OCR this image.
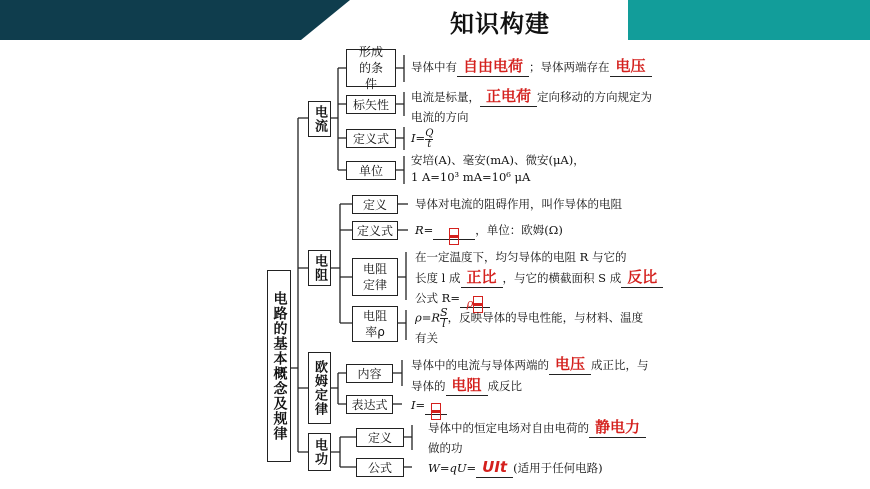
知识构建
电路的基本概念及规律
电流
电阻
欧姆定律
电功
形成的条件
标矢性
定义式
单位
导体中有 自由电荷 ；导体两端存在 电压
电流是标量， 正电荷 定向移动的方向规定为
电流的方向
$I= \frac{Q}{t}$
安培(A)、毫安(mA)、微安(μA)，
1 A=10³ mA=10⁶ μA
定义
定义式
电阻定律
电阻率ρ
导体对电流的阻碍作用，叫作导体的电阻
R=	，单位：欧姆(Ω)
在一定温度下，均匀导体的电阻 R 与它的
长度 l 成 正比 ，与它的横截面积 S 成 反比
公式 R= ρ
$\rho=R \frac{S}{l}$ ，反映导体的导电性能，与材料、温度
有关
内容
表达式
导体中的电流与导体两端的 电压 成正比，与
导体的 电阻 成反比
I=
定义
公式
导体中的恒定电场对自由电荷的 静电力
做的功
W=qU= UIt (适用于任何电路)
